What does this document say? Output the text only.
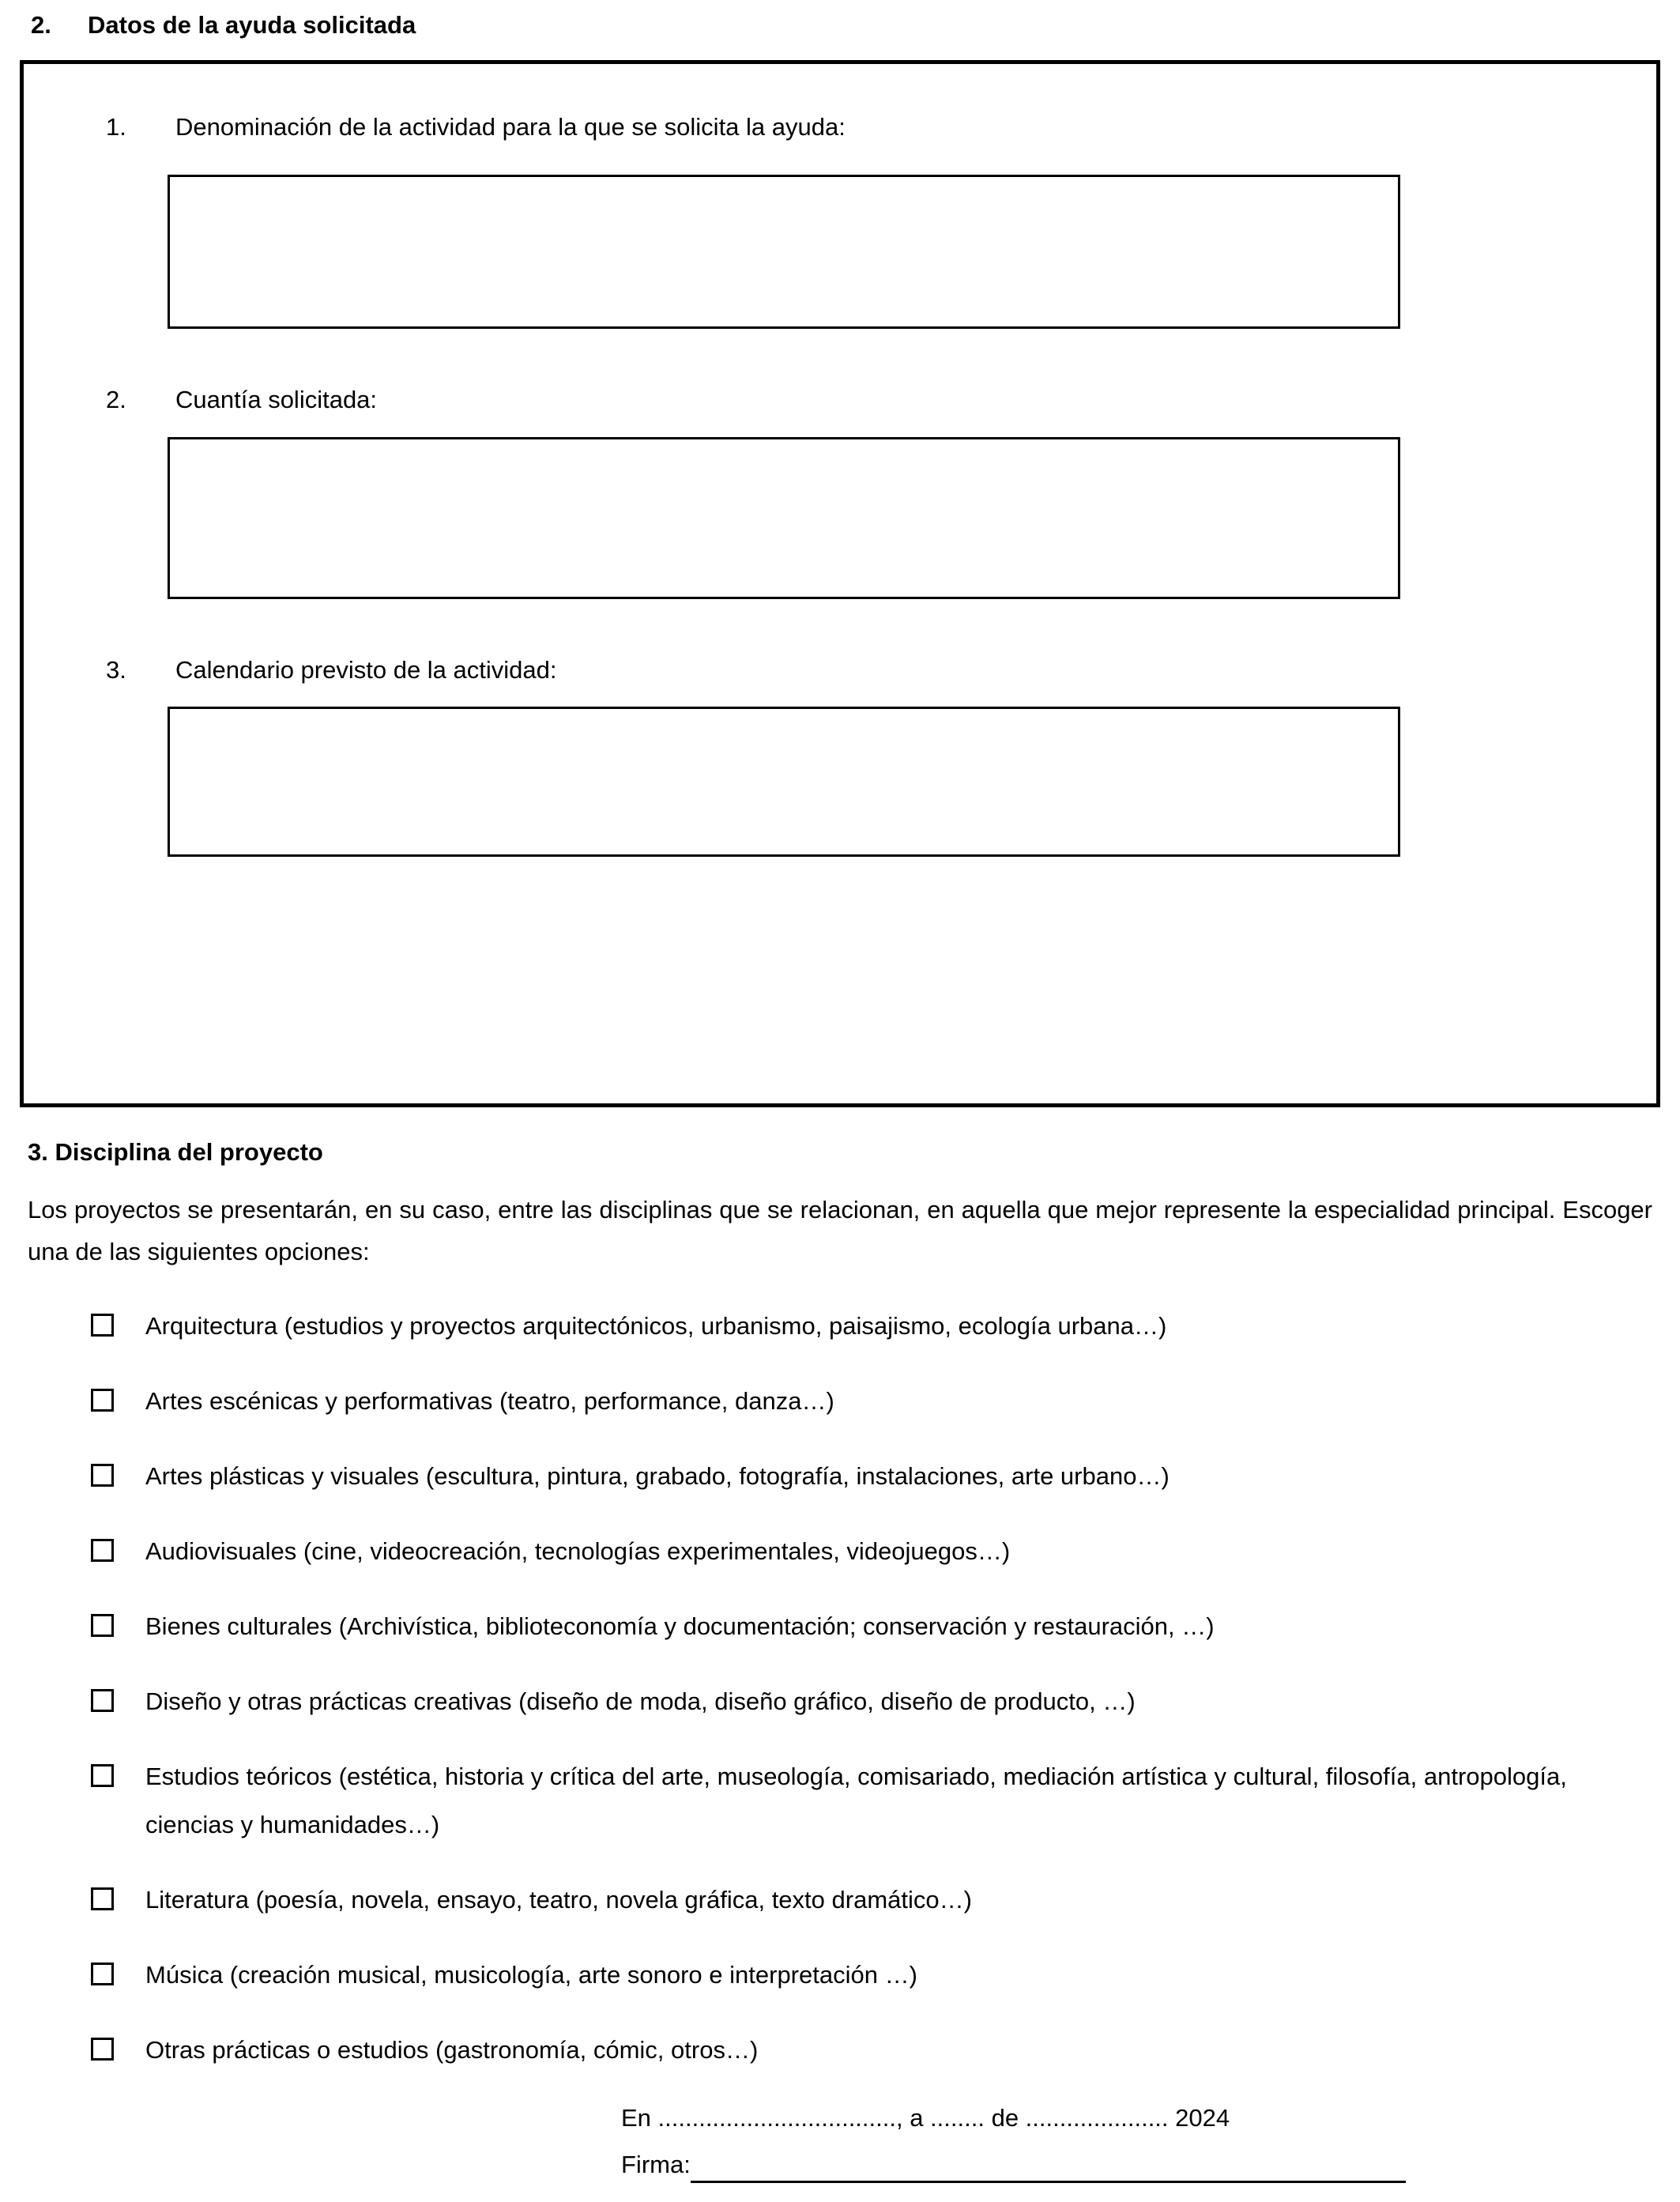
2.	Datos de la ayuda solicitada
1.	Denominación de la actividad para la que se solicita la ayuda:
2.	Cuantía solicitada:
3.	Calendario previsto de la actividad:
3. Disciplina del proyecto

Los proyectos se presentarán, en su caso, entre las disciplinas que se relacionan, en aquella que mejor represente la especialidad principal. Escoger una de las siguientes opciones:

Arquitectura (estudios y proyectos arquitectónicos, urbanismo, paisajismo, ecología urbana…)
Artes escénicas y performativas (teatro, performance, danza…)
Artes plásticas y visuales (escultura, pintura, grabado, fotografía, instalaciones, arte urbano…)
Audiovisuales (cine, videocreación, tecnologías experimentales, videojuegos…)
Bienes culturales (Archivística, biblioteconomía y documentación; conservación y restauración, …)
Diseño y otras prácticas creativas (diseño de moda, diseño gráfico, diseño de producto, …)
Estudios teóricos (estética, historia y crítica del arte, museología, comisariado, mediación artística y cultural, filosofía, antropología, ciencias y humanidades…)
Literatura (poesía, novela, ensayo, teatro, novela gráfica, texto dramático…)
Música (creación musical, musicología, arte sonoro e interpretación …)
Otras prácticas o estudios (gastronomía, cómic, otros…)
En ..................................., a ........ de ..................... 2024
Firma:
